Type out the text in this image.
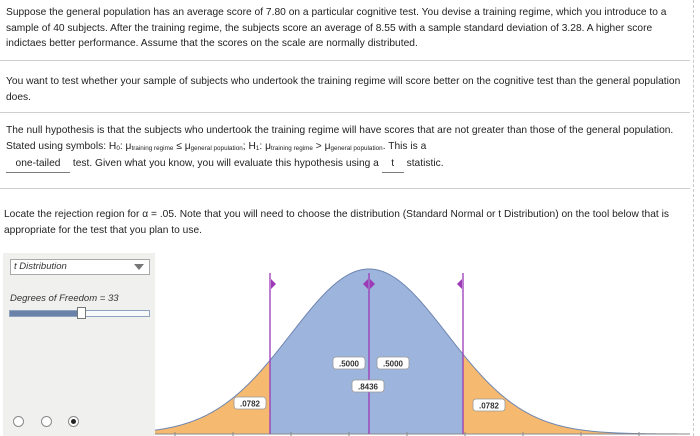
Suppose the general population has an average score of 7.80 on a particular cognitive test. You devise a training regime, which you introduce to a sample of 40 subjects. After the training regime, the subjects score an average of 8.55 with a sample standard deviation of 3.28. A higher score indictaes better performance. Assume that the scores on the scale are normally distributed.

You want to test whether your sample of subjects who undertook the training regime will score better on the cognitive test than the general population does.

The null hypothesis is that the subjects who undertook the training regime will have scores that are not greater than those of the general population. Stated using symbols: H0: μtraining regime ≤ μgeneral population; H1: μtraining regime > μgeneral population. This is a
one-tailed test. Given what you know, you will evaluate this hypothesis using a t statistic.

Locate the rejection region for α = .05. Note that you will need to choose the distribution (Standard Normal or t Distribution) on the tool below that is appropriate for the test that you plan to use.

t Distribution
Degrees of Freedom = 33
.5000	.5000
.8436
.0782	.0782
